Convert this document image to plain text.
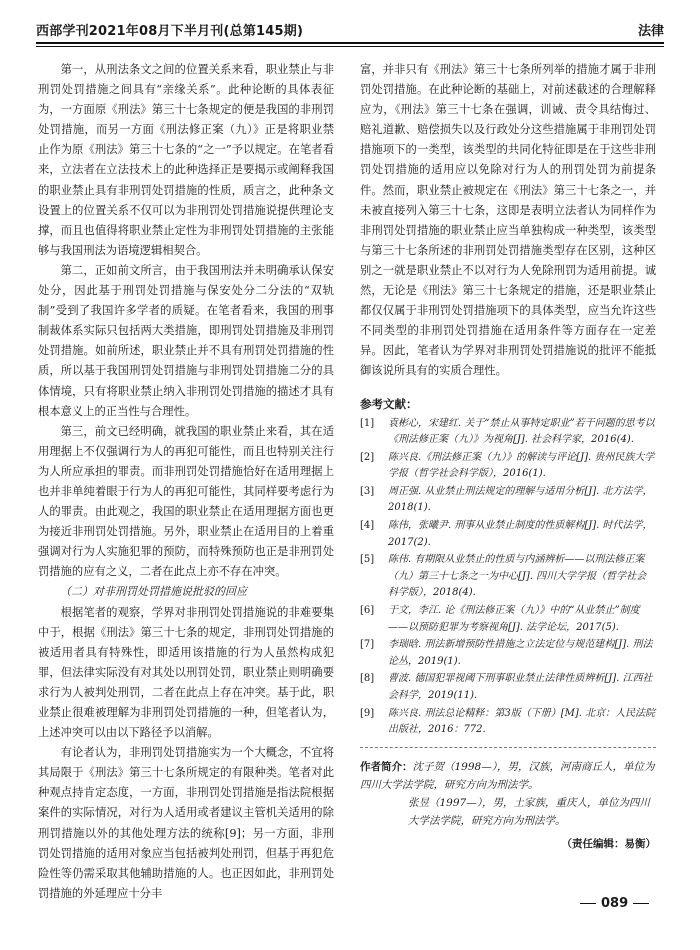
西部学刊2021年08月下半月刊(总第145期)	法律

第一，从刑法条文之间的位置关系来看，职业禁止与非刑罚处罚措施之间具有“亲缘关系”。此种论断的具体表征为，一方面原《刑法》第三十七条规定的便是我国的非刑罚处罚措施，而另一方面《刑法修正案（九）》正是将职业禁止作为原《刑法》第三十七条的“之一”予以规定。在笔者看来，立法者在立法技术上的此种选择正是要揭示或阐释我国的职业禁止具有非刑罚处罚措施的性质，质言之，此种条文设置上的位置关系不仅可以为非刑罚处罚措施说提供理论支撑，而且也值得将职业禁止定性为非刑罚处罚措施的主张能够与我国刑法为语境逻辑相契合。

第二，正如前文所言，由于我国刑法并未明确承认保安处分，因此基于刑罚处罚措施与保安处分二分法的“双轨制”受到了我国许多学者的质疑。在笔者看来，我国的刑事制裁体系实际只包括两大类措施，即刑罚处罚措施及非刑罚处罚措施。如前所述，职业禁止并不具有刑罚处罚措施的性质，所以基于我国刑罚处罚措施与非刑罚处罚措施二分的具体情境，只有将职业禁止纳入非刑罚处罚措施的描述才具有根本意义上的正当性与合理性。

第三，前文已经明确，就我国的职业禁止来看，其在适用理据上不仅强调行为人的再犯可能性，而且也特别关注行为人所应承担的罪责。而非刑罚处罚措施恰好在适用理据上也并非单纯着眼于行为人的再犯可能性，其同样要考虑行为人的罪责。由此观之，我国的职业禁止在适用理据方面也更为接近非刑罚处罚措施。另外，职业禁止在适用目的上着重强调对行为人实施犯罪的预防，而特殊预防也正是非刑罚处罚措施的应有之义，二者在此点上亦不存在冲突。

（二）对非刑罚处罚措施说批驳的回应

根据笔者的观察，学界对非刑罚处罚措施说的非难要集中于，根据《刑法》第三十七条的规定，非刑罚处罚措施的被适用者具有特殊性，即适用该措施的行为人虽然构成犯罪，但法律实际没有对其处以刑罚处罚，职业禁止则明确要求行为人被判处刑罚，二者在此点上存在冲突。基于此，职业禁止很难被理解为非刑罚处罚措施的一种，但笔者认为，上述冲突可以由以下路径予以消解。

有论者认为，非刑罚处罚措施实为一个大概念，不宜将其局限于《刑法》第三十七条所规定的有限种类。笔者对此种观点持肯定态度，一方面，非刑罚处罚措施是指法院根据案件的实际情况，对行为人适用或者建议主管机关适用的除刑罚措施以外的其他处理方法的统称[9]；另一方面，非刑罚处罚措施的适用对象应当包括被判处刑罚，但基于再犯危险性等仍需采取其他辅助措施的人。也正因如此，非刑罚处罚措施的外延理应十分丰

富，并非只有《刑法》第三十七条所列举的措施才属于非刑罚处罚措施。在此种论断的基础上，对前述截述的合理解释应为，《刑法》第三十七条在强调，训诫、责令具结悔过、赔礼道歉、赔偿损失以及行政处分这些措施属于非刑罚处罚措施项下的一类型，该类型的共同化特征即是在于这些非刑罚处罚措施的适用应以免除对行为人的刑罚处罚为前提条件。然而，职业禁止被规定在《刑法》第三十七条之一，并未被直接列入第三十七条，这即是表明立法者认为同样作为非刑罚处罚措施的职业禁止应当单独构成一种类型，该类型与第三十七条所述的非刑罚处罚措施类型存在区别，这种区别之一就是职业禁止不以对行为人免除刑罚为适用前提。诚然，无论是《刑法》第三十七条规定的措施，还是职业禁止都仅仅属于非刑罚处罚措施项下的具体类型，应当允许这些不同类型的非刑罚处罚措施在适用条件等方面存在一定差异。因此，笔者认为学界对非刑罚处罚措施说的批评不能抵御该说所具有的实质合理性。

参考文献：
[1]	袁彬心，宋建红. 关于“禁止从事特定职业”若干问题的思考以《刑法修正案（九）》为视角[J]. 社会科学家，2016(4).
[2]	陈兴良.《刑法修正案（九）》的解读与评论[J]. 贵州民族大学学报（哲学社会科学版），2016(1).
[3]	周正强. 从业禁止刑法规定的理解与适用分析[J]. 北方法学，2018(1).
[4]	陈伟，张曦尹. 刑事从业禁止制度的性质解构[J]. 时代法学，2017(2).
[5]	陈伟. 有期限从业禁止的性质与内涵辨析——以刑法修正案（九）第三十七条之一为中心[J]. 四川大学学报（哲学社会科学版），2018(4).
[6]	于文，李江. 论《刑法修正案（九）》中的“从业禁止”制度——以预防犯罪为考察视角[J]. 法学论坛，2017(5).
[7]	李瑞晗. 刑法新增预防性措施之立法定位与规范建构[J]. 刑法论丛，2019(1).
[8]	曹波. 德国犯罪视阈下刑事职业禁止法律性质辨析[J]. 江西社会科学，2019(11).
[9]	陈兴良. 刑法总论精释：第3版（下册）[M]. 北京：人民法院出版社，2016：772.

作者简介：沈子贺（1998—），男，汉族，河南商丘人，单位为四川大学法学院，研究方向为刑法学。

张昱（1997—），男，土家族，重庆人，单位为四川大学法学院，研究方向为刑法学。

（责任编辑：易衡）
089
